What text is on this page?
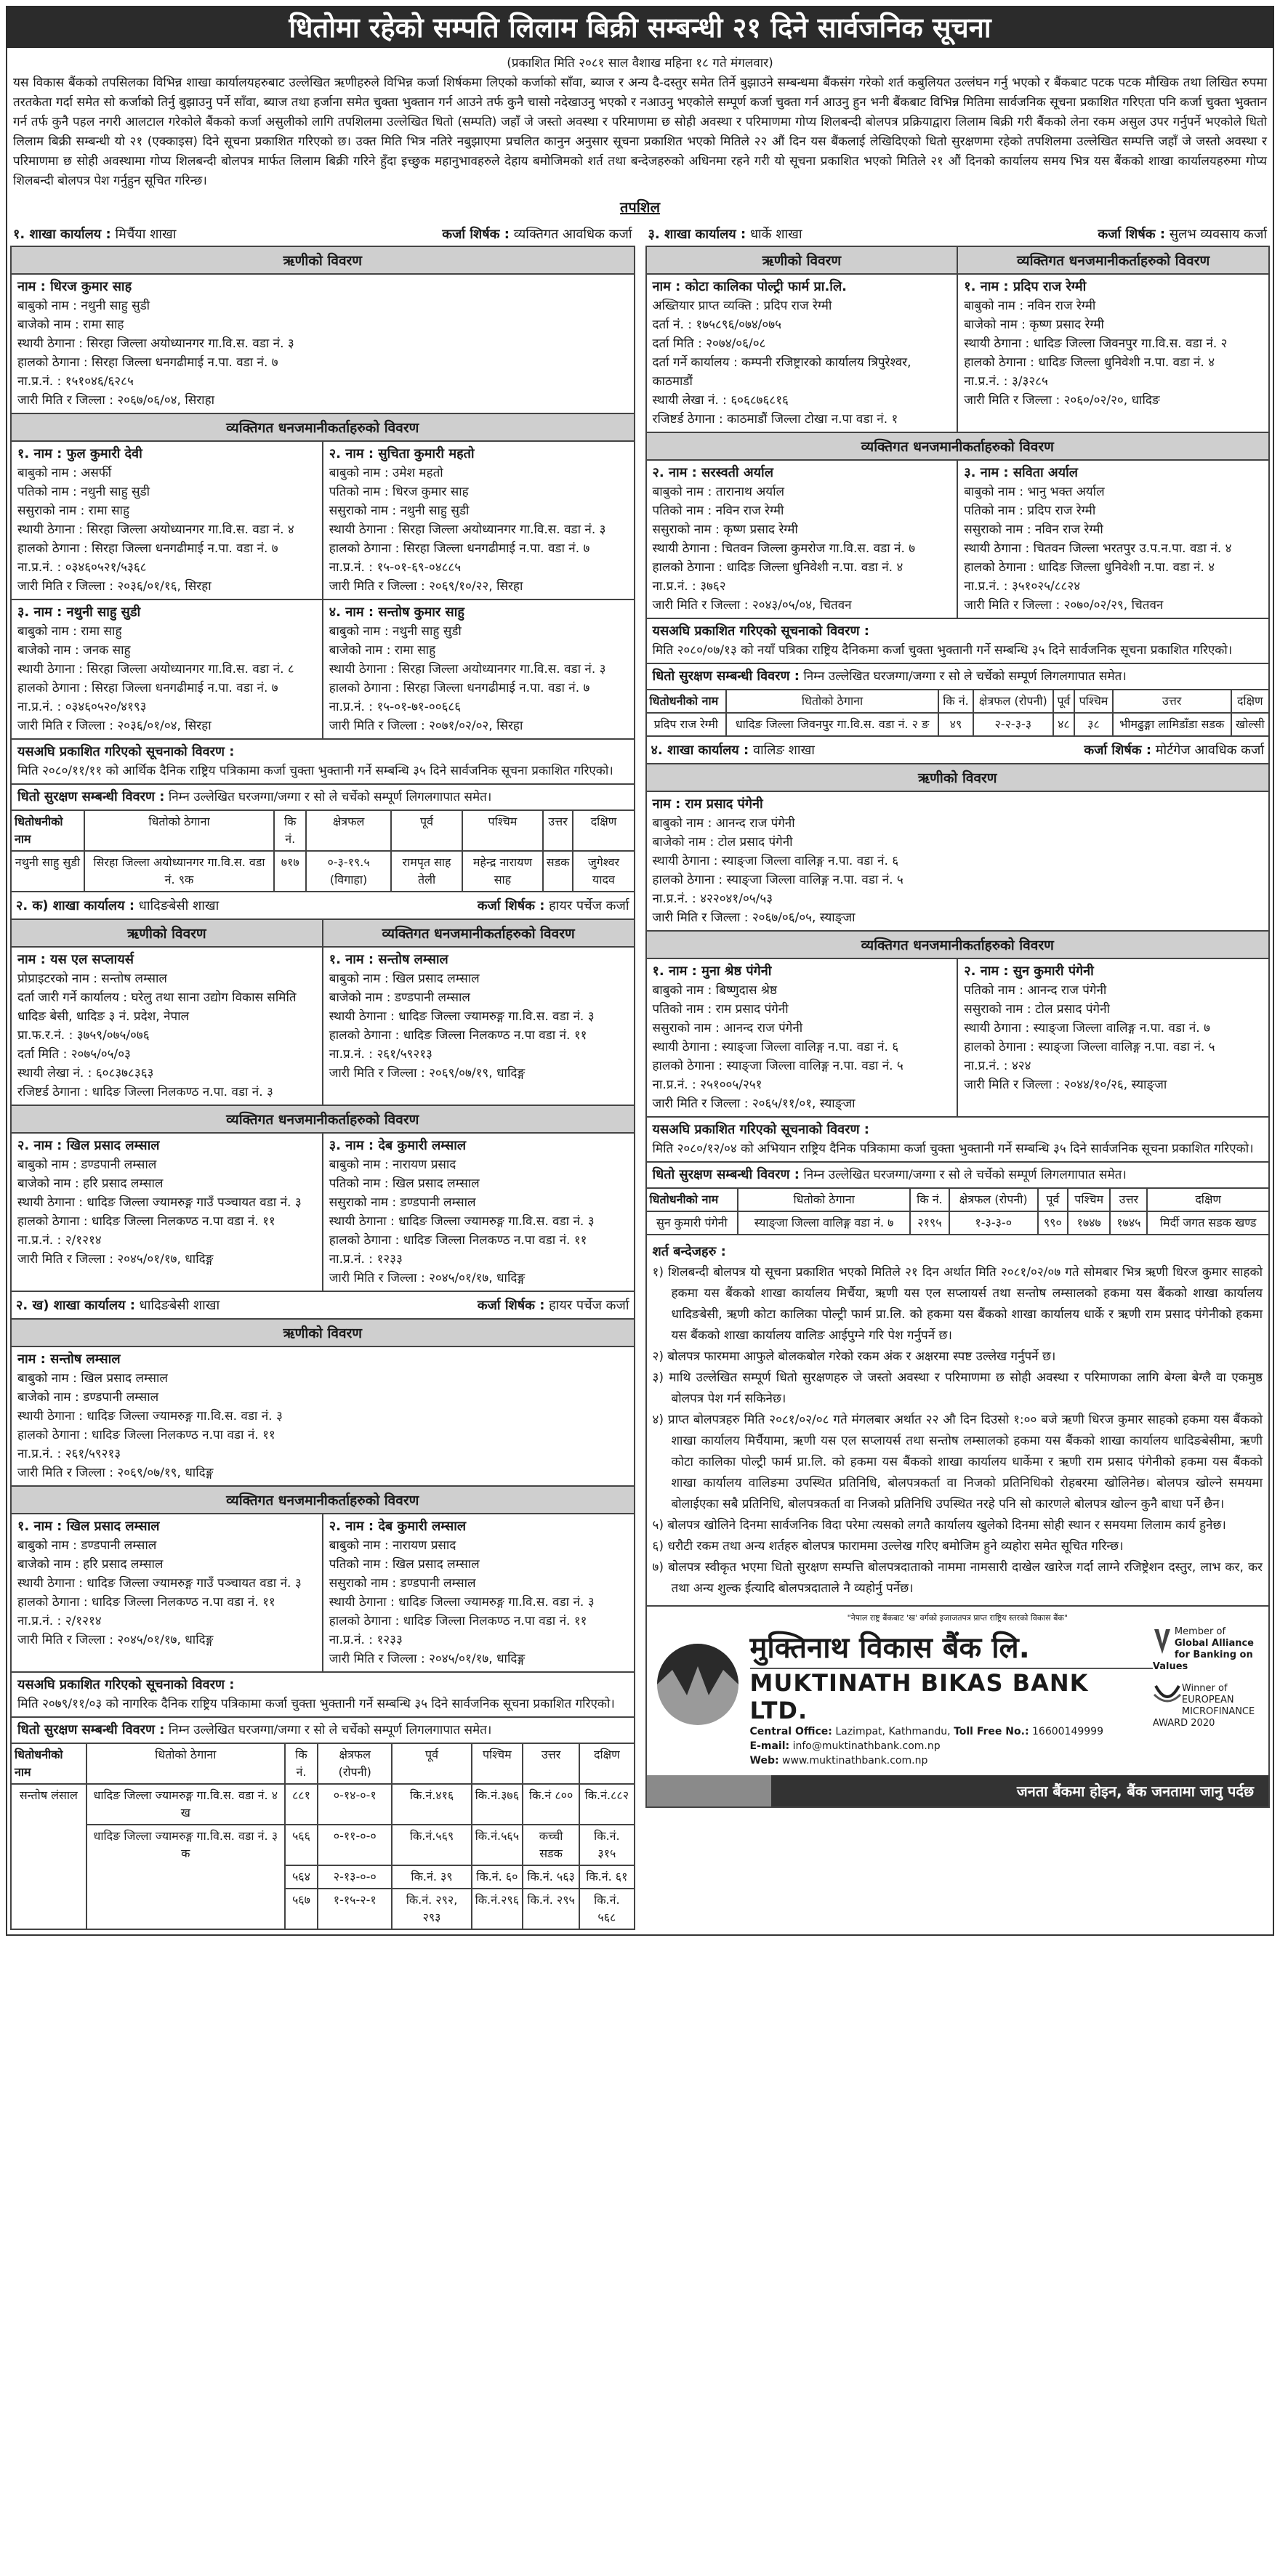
धितोमा रहेको सम्पति लिलाम बिक्री सम्बन्धी २१ दिने सार्वजनिक सूचना
(प्रकाशित मिति २०८१ साल वैशाख महिना १८ गते मंगलवार)

यस विकास बैंकको तपसिलका विभिन्न शाखा कार्यालयहरुबाट उल्लेखित ऋणीहरुले विभिन्न कर्जा शिर्षकमा लिएको कर्जाको साँवा, ब्याज र अन्य दै-दस्तुर समेत तिर्ने बुझाउने सम्बन्धमा बैंकसंग गरेको शर्त कबुलियत उल्लंघन गर्नु भएको र बैंकबाट पटक पटक मौखिक तथा लिखित रुपमा तरतकेता गर्दा समेत सो कर्जाको तिर्नु बुझाउनु पर्ने साँवा, ब्याज तथा हर्जाना समेत चुक्ता भुक्तान गर्न आउने तर्फ कुनै चासो नदेखाउनु भएको र नआउनु भएकोले सम्पूर्ण कर्जा चुक्ता गर्न आउनु हुन भनी बैंकबाट विभिन्न मितिमा सार्वजनिक सूचना प्रकाशित गरिएता पनि कर्जा चुक्ता भुक्तान गर्न तर्फ कुनै पहल नगरी आलटाल गरेकोले बैंकको कर्जा असुलीको लागि तपशिलमा उल्लेखित धितो (सम्पति) जहाँ जे जस्तो अवस्था र परिमाणमा छ सोही अवस्था र परिमाणमा गोप्य शिलबन्दी बोलपत्र प्रक्रियाद्वारा लिलाम बिक्री गरी बैंकको लेना रकम असुल उपर गर्नुपर्ने भएकोले धितो लिलाम बिक्री सम्बन्धी यो २१ (एक्काइस) दिने सूचना प्रकाशित गरिएको छ। उक्त मिति भित्र नतिरे नबुझाएमा प्रचलित कानुन अनुसार सूचना प्रकाशित भएको मितिले २२ औं दिन यस बैंकलाई लेखिदिएको धितो सुरक्षणमा रहेको तपशिलमा उल्लेखित सम्पत्ति जहाँ जे जस्तो अवस्था र परिमाणमा छ सोही अवस्थामा गोप्य शिलबन्दी बोलपत्र मार्फत लिलाम बिक्री गरिने हुँदा इच्छुक महानुभावहरुले देहाय बमोजिमको शर्त तथा बन्देजहरुको अधिनमा रहने गरी यो सूचना प्रकाशित भएको मितिले २१ औं दिनको कार्यालय समय भित्र यस बैंकको शाखा कार्यालयहरुमा गोप्य शिलबन्दी बोलपत्र पेश गर्नुहुन सूचित गरिन्छ।

तपशिल
१. शाखा कार्यालय : मिर्चैया शाखा	कर्जा शिर्षक : व्यक्तिगत आवधिक कर्जा
ऋणीको विवरण
नाम : धिरज कुमार साह
बाबुको नाम : नथुनी साहु सुडी
बाजेको नाम : रामा साह
स्थायी ठेगाना : सिरहा जिल्ला अयोध्यानगर गा.वि.स. वडा नं. ३
हालको ठेगाना : सिरहा जिल्ला धनगढीमाई न.पा. वडा नं. ७
ना.प्र.नं. : १५१०४६/६२८५
जारी मिति र जिल्ला : २०६७/०६/०४, सिराहा
व्यक्तिगत धनजमानीकर्ताहरुको विवरण
१. नाम : फुल कुमारी देवी
बाबुको नाम : असर्फी
पतिको नाम : नथुनी साहु सुडी
ससुराको नाम : रामा साहु
स्थायी ठेगाना : सिरहा जिल्ला अयोध्यानगर गा.वि.स. वडा नं. ४
हालको ठेगाना : सिरहा जिल्ला धनगढीमाई न.पा. वडा नं. ७
ना.प्र.नं. : ०३४६०५२१/५३६८
जारी मिति र जिल्ला : २०३६/०१/१६, सिरहा
२. नाम : सुचिता कुमारी महतो
बाबुको नाम : उमेश महतो
पतिको नाम : धिरज कुमार साह
ससुराको नाम : नथुनी साहु सुडी
स्थायी ठेगाना : सिरहा जिल्ला अयोध्यानगर गा.वि.स. वडा नं. ३
हालको ठेगाना : सिरहा जिल्ला धनगढीमाई न.पा. वडा नं. ७
ना.प्र.नं. : १५-०१-६९-०४८८५
जारी मिति र जिल्ला : २०६९/१०/२२, सिरहा
३. नाम : नथुनी साहु सुडी
बाबुको नाम : रामा साहु
बाजेको नाम : जनक साहु
स्थायी ठेगाना : सिरहा जिल्ला अयोध्यानगर गा.वि.स. वडा नं. ८
हालको ठेगाना : सिरहा जिल्ला धनगढीमाई न.पा. वडा नं. ७
ना.प्र.नं. : ०३४६०५२०/४१९३
जारी मिति र जिल्ला : २०३६/०१/०४, सिरहा
४. नाम : सन्तोष कुमार साहु
बाबुको नाम : नथुनी साहु सुडी
बाजेको नाम : रामा साहु
स्थायी ठेगाना : सिरहा जिल्ला अयोध्यानगर गा.वि.स. वडा नं. ३
हालको ठेगाना : सिरहा जिल्ला धनगढीमाई न.पा. वडा नं. ७
ना.प्र.नं. : १५-०१-७१-००६८६
जारी मिति र जिल्ला : २०७१/०२/०२, सिरहा
यसअघि प्रकाशित गरिएको सूचनाको विवरण :
मिति २०८०/११/११ को आर्थिक दैनिक राष्ट्रिय पत्रिकामा कर्जा चुक्ता भुक्तानी गर्ने सम्बन्धि ३५ दिने सार्वजनिक सूचना प्रकाशित गरिएको।
धितो सुरक्षण सम्बन्धी विवरण : निम्न उल्लेखित घरजग्गा/जग्गा र सो ले चर्चेको सम्पूर्ण लिगलगापात समेत।
धितोधनीको नाम	धितोको ठेगाना	कि नं.	क्षेत्रफल	पूर्व	पश्चिम	उत्तर	दक्षिण
नथुनी साहु सुडी	सिरहा जिल्ला अयोध्यानगर गा.वि.स. वडा नं. ९क	७१७	०-३-१९.५ (विगाहा)	रामपृत साह तेली	महेन्द्र नारायण साह	सडक	जुगेश्वर यादव
२. क) शाखा कार्यालय : धादिङबेसी शाखा	कर्जा शिर्षक : हायर पर्चेज कर्जा
ऋणीको विवरण	व्यक्तिगत धनजमानीकर्ताहरुको विवरण
नाम : यस एल सप्लायर्स
प्रोप्राइटरको नाम : सन्तोष लम्साल
दर्ता जारी गर्ने कार्यालय : घरेलु तथा साना उद्योग विकास समिति धादिङ बेसी, धादिङ ३ नं. प्रदेश, नेपाल
प्रा.फ.र.नं. : ३७५९/०७५/०७६
दर्ता मिति : २०७५/०५/०३
स्थायी लेखा नं. : ६०८३७८३६३
रजिष्टर्ड ठेगाना : धादिङ जिल्ला निलकण्ठ न.पा. वडा नं. ३
१. नाम : सन्तोष लम्साल
बाबुको नाम : खिल प्रसाद लम्साल
बाजेको नाम : डण्डपानी लम्साल
स्थायी ठेगाना : धादिङ जिल्ला ज्यामरुङ्ग गा.वि.स. वडा नं. ३
हालको ठेगाना : धादिङ जिल्ला निलकण्ठ न.पा वडा नं. ११
ना.प्र.नं. : २६१/५९२१३
जारी मिति र जिल्ला : २०६९/०७/१९, धादिङ्ग
व्यक्तिगत धनजमानीकर्ताहरुको विवरण
२. नाम : खिल प्रसाद लम्साल
बाबुको नाम : डण्डपानी लम्साल
बाजेको नाम : हरि प्रसाद लम्साल
स्थायी ठेगाना : धादिङ जिल्ला ज्यामरुङ्ग गाउँ पञ्चायत वडा नं. ३
हालको ठेगाना : धादिङ जिल्ला निलकण्ठ न.पा वडा नं. ११
ना.प्र.नं. : २/१२१४
जारी मिति र जिल्ला : २०४५/०१/१७, धादिङ्ग
३. नाम : देब कुमारी लम्साल
बाबुको नाम : नारायण प्रसाद
पतिको नाम : खिल प्रसाद लम्साल
ससुराको नाम : डण्डपानी लम्साल
स्थायी ठेगाना : धादिङ जिल्ला ज्यामरुङ्ग गा.वि.स. वडा नं. ३
हालको ठेगाना : धादिङ जिल्ला निलकण्ठ न.पा वडा नं. ११
ना.प्र.नं. : १२३३
जारी मिति र जिल्ला : २०४५/०१/१७, धादिङ्ग
२. ख) शाखा कार्यालय : धादिङबेसी शाखा	कर्जा शिर्षक : हायर पर्चेज कर्जा
ऋणीको विवरण
नाम : सन्तोष लम्साल
बाबुको नाम : खिल प्रसाद लम्साल
बाजेको नाम : डण्डपानी लम्साल
स्थायी ठेगाना : धादिङ जिल्ला ज्यामरुङ्ग गा.वि.स. वडा नं. ३
हालको ठेगाना : धादिङ जिल्ला निलकण्ठ न.पा वडा नं. ११
ना.प्र.नं. : २६१/५९२१३
जारी मिति र जिल्ला : २०६९/०७/१९, धादिङ्ग
व्यक्तिगत धनजमानीकर्ताहरुको विवरण
१. नाम : खिल प्रसाद लम्साल
बाबुको नाम : डण्डपानी लम्साल
बाजेको नाम : हरि प्रसाद लम्साल
स्थायी ठेगाना : धादिङ जिल्ला ज्यामरुङ्ग गाउँ पञ्चायत वडा नं. ३
हालको ठेगाना : धादिङ जिल्ला निलकण्ठ न.पा वडा नं. ११
ना.प्र.नं. : २/१२१४
जारी मिति र जिल्ला : २०४५/०१/१७, धादिङ्ग
२. नाम : देब कुमारी लम्साल
बाबुको नाम : नारायण प्रसाद
पतिको नाम : खिल प्रसाद लम्साल
ससुराको नाम : डण्डपानी लम्साल
स्थायी ठेगाना : धादिङ जिल्ला ज्यामरुङ्ग गा.वि.स. वडा नं. ३
हालको ठेगाना : धादिङ जिल्ला निलकण्ठ न.पा वडा नं. ११
ना.प्र.नं. : १२३३
जारी मिति र जिल्ला : २०४५/०१/१७, धादिङ्ग
यसअघि प्रकाशित गरिएको सूचनाको विवरण :
मिति २०७९/११/०३ को नागरिक दैनिक राष्ट्रिय पत्रिकामा कर्जा चुक्ता भुक्तानी गर्ने सम्बन्धि ३५ दिने सार्वजनिक सूचना प्रकाशित गरिएको।
धितो सुरक्षण सम्बन्धी विवरण : निम्न उल्लेखित घरजग्गा/जग्गा र सो ले चर्चेको सम्पूर्ण लिगलगापात समेत।
धितोधनीको नाम	धितोको ठेगाना	कि नं.	क्षेत्रफल (रोपनी)	पूर्व	पश्चिम	उत्तर	दक्षिण
सन्तोष लंसाल	धादिङ जिल्ला ज्यामरुङ्ग गा.वि.स. वडा नं. ४ ख	८८१	०-१४-०-१	कि.नं.४१६	कि.नं.३७६	कि.नं ८००	कि.नं.८८२
	धादिङ जिल्ला ज्यामरुङ्ग गा.वि.स. वडा नं. ३ क	५६६	०-११-०-०	कि.नं.५६९	कि.नं.५६५	कच्ची सडक	कि.नं. ३१५
		५६४	२-१३-०-०	कि.नं. ३९	कि.नं. ६०	कि.नं. ५६३	कि.नं. ६१
		५६७	१-१५-२-१	कि.नं. २९२, २९३	कि.नं.२९६	कि.नं. २९५	कि.नं. ५६८
३. शाखा कार्यालय : धार्के शाखा	कर्जा शिर्षक : सुलभ व्यवसाय कर्जा
ऋणीको विवरण	व्यक्तिगत धनजमानीकर्ताहरुको विवरण
नाम : कोटा कालिका पोल्ट्री फार्म प्रा.लि.
अख्तियार प्राप्त व्यक्ति : प्रदिप राज रेग्मी
दर्ता नं. : १७५८९६/०७४/०७५
दर्ता मिति : २०७४/०६/०८
दर्ता गर्ने कार्यालय : कम्पनी रजिष्ट्रारको कार्यालय त्रिपुरेश्वर, काठमाडौं
स्थायी लेखा नं. : ६०६८७६८१६
रजिष्टर्ड ठेगाना : काठमाडौं जिल्ला टोखा न.पा वडा नं. १
१. नाम : प्रदिप राज रेग्मी
बाबुको नाम : नविन राज रेग्मी
बाजेको नाम : कृष्ण प्रसाद रेग्मी
स्थायी ठेगाना : धादिङ जिल्ला जिवनपुर गा.वि.स. वडा नं. २
हालको ठेगाना : धादिङ जिल्ला धुनिवेशी न.पा. वडा नं. ४
ना.प्र.नं. : ३/३२८५
जारी मिति र जिल्ला : २०६०/०२/२०, धादिङ
व्यक्तिगत धनजमानीकर्ताहरुको विवरण
२. नाम : सरस्वती अर्याल
बाबुको नाम : तारानाथ अर्याल
पतिको नाम : नविन राज रेग्मी
ससुराको नाम : कृष्ण प्रसाद रेग्मी
स्थायी ठेगाना : चितवन जिल्ला कुमरोज गा.वि.स. वडा नं. ७
हालको ठेगाना : धादिङ जिल्ला धुनिवेशी न.पा. वडा नं. ४
ना.प्र.नं. : ३७६२
जारी मिति र जिल्ला : २०४३/०५/०४, चितवन
३. नाम : सविता अर्याल
बाबुको नाम : भानु भक्त अर्याल
पतिको नाम : प्रदिप राज रेग्मी
ससुराको नाम : नविन राज रेग्मी
स्थायी ठेगाना : चितवन जिल्ला भरतपुर उ.प.न.पा. वडा नं. ४
हालको ठेगाना : धादिङ जिल्ला धुनिवेशी न.पा. वडा नं. ४
ना.प्र.नं. : ३५१०२५/८८२४
जारी मिति र जिल्ला : २०७०/०२/२९, चितवन
यसअघि प्रकाशित गरिएको सूचनाको विवरण :
मिति २०८०/०७/१३ को नयाँ पत्रिका राष्ट्रिय दैनिकमा कर्जा चुक्ता भुक्तानी गर्ने सम्बन्धि ३५ दिने सार्वजनिक सूचना प्रकाशित गरिएको।
धितो सुरक्षण सम्बन्धी विवरण : निम्न उल्लेखित घरजग्गा/जग्गा र सो ले चर्चेको सम्पूर्ण लिगलगापात समेत।
धितोधनीको नाम	धितोको ठेगाना	कि नं.	क्षेत्रफल (रोपनी)	पूर्व	पश्चिम	उत्तर	दक्षिण
प्रदिप राज रेग्मी	धादिङ जिल्ला जिवनपुर गा.वि.स. वडा नं. २ ङ	४९	२-२-३-३	४८	३८	भीमढुङ्गा लामिडाँडा सडक	खोल्सी
४. शाखा कार्यालय : वालिङ शाखा	कर्जा शिर्षक : मोर्टगेज आवधिक कर्जा
ऋणीको विवरण
नाम : राम प्रसाद पंगेनी
बाबुको नाम : आनन्द राज पंगेनी
बाजेको नाम : टोल प्रसाद पंगेनी
स्थायी ठेगाना : स्याङ्जा जिल्ला वालिङ्ग न.पा. वडा नं. ६
हालको ठेगाना : स्याङ्जा जिल्ला वालिङ्ग न.पा. वडा नं. ५
ना.प्र.नं. : ४२२०४१/०५/५३
जारी मिति र जिल्ला : २०६७/०६/०५, स्याङ्जा
व्यक्तिगत धनजमानीकर्ताहरुको विवरण
१. नाम : मुना श्रेष्ठ पंगेनी
बाबुको नाम : बिष्णुदास श्रेष्ठ
पतिको नाम : राम प्रसाद पंगेनी
ससुराको नाम : आनन्द राज पंगेनी
स्थायी ठेगाना : स्याङ्जा जिल्ला वालिङ्ग न.पा. वडा नं. ६
हालको ठेगाना : स्याङ्जा जिल्ला वालिङ्ग न.पा. वडा नं. ५
ना.प्र.नं. : २५१००५/२५१
जारी मिति र जिल्ला : २०६५/११/०१, स्याङ्जा
२. नाम : सुन कुमारी पंगेनी
पतिको नाम : आनन्द राज पंगेनी
ससुराको नाम : टोल प्रसाद पंगेनी
स्थायी ठेगाना : स्याङ्जा जिल्ला वालिङ्ग न.पा. वडा नं. ७
हालको ठेगाना : स्याङ्जा जिल्ला वालिङ्ग न.पा. वडा नं. ५
ना.प्र.नं. : ४२४
जारी मिति र जिल्ला : २०४४/१०/२६, स्याङ्जा
यसअघि प्रकाशित गरिएको सूचनाको विवरण :
मिति २०८०/१२/०४ को अभियान राष्ट्रिय दैनिक पत्रिकामा कर्जा चुक्ता भुक्तानी गर्ने सम्बन्धि ३५ दिने सार्वजनिक सूचना प्रकाशित गरिएको।
धितो सुरक्षण सम्बन्धी विवरण : निम्न उल्लेखित घरजग्गा/जग्गा र सो ले चर्चेको सम्पूर्ण लिगलगापात समेत।
धितोधनीको नाम	धितोको ठेगाना	कि नं.	क्षेत्रफल (रोपनी)	पूर्व	पश्चिम	उत्तर	दक्षिण
सुन कुमारी पंगेनी	स्याङ्जा जिल्ला वालिङ्ग वडा नं. ७	२१९५	१-३-३-०	९९०	१७४७	१७४५	मिर्दी जगत सडक खण्ड
शर्त बन्देजहरु :
१) शिलबन्दी बोलपत्र यो सूचना प्रकाशित भएको मितिले २१ दिन अर्थात मिति २०८१/०२/०७ गते सोमबार भित्र ऋणी धिरज कुमार साहको हकमा यस बैंकको शाखा कार्यालय मिर्चैया, ऋणी यस एल सप्लायर्स तथा सन्तोष लम्सालको हकमा यस बैंकको शाखा कार्यालय धादिङबेसी, ऋणी कोटा कालिका पोल्ट्री फार्म प्रा.लि. को हकमा यस बैंकको शाखा कार्यालय धार्के र ऋणी राम प्रसाद पंगेनीको हकमा यस बैंकको शाखा कार्यालय वालिङ आईपुग्ने गरि पेश गर्नुपर्ने छ।
२) बोलपत्र फारममा आफुले बोलकबोल गरेको रकम अंक र अक्षरमा स्पष्ट उल्लेख गर्नुपर्ने छ।
३) माथि उल्लेखित सम्पूर्ण धितो सुरक्षणहरु जे जस्तो अवस्था र परिमाणमा छ सोही अवस्था र परिमाणका लागि बेग्ला बेग्लै वा एकमुष्ठ बोलपत्र पेश गर्न सकिनेछ।
४) प्राप्त बोलपत्रहरु मिति २०८१/०२/०८ गते मंगलबार अर्थात २२ औ दिन दिउसो १:०० बजे ऋणी धिरज कुमार साहको हकमा यस बैंकको शाखा कार्यालय मिर्चैयामा, ऋणी यस एल सप्लायर्स तथा सन्तोष लम्सालको हकमा यस बैंकको शाखा कार्यालय धादिङबेसीमा, ऋणी कोटा कालिका पोल्ट्री फार्म प्रा.लि. को हकमा यस बैंकको शाखा कार्यालय धार्केमा र ऋणी राम प्रसाद पंगेनीको हकमा यस बैंकको शाखा कार्यालय वालिङमा उपस्थित प्रतिनिधि, बोलपत्रकर्ता वा निजको प्रतिनिधिको रोहबरमा खोलिनेछ। बोलपत्र खोल्ने समयमा बोलाईएका सबै प्रतिनिधि, बोलपत्रकर्ता वा निजको प्रतिनिधि उपस्थित नरहे पनि सो कारणले बोलपत्र खोल्न कुनै बाधा पर्ने छैन।
५) बोलपत्र खोलिने दिनमा सार्वजनिक विदा परेमा त्यसको लगतै कार्यालय खुलेको दिनमा सोही स्थान र समयमा लिलाम कार्य हुनेछ।
६) धरौटी रकम तथा अन्य शर्तहरु बोलपत्र फाराममा उल्लेख गरिए बमोजिम हुने व्यहोरा समेत सूचित गरिन्छ।
७) बोलपत्र स्वीकृत भएमा धितो सुरक्षण सम्पत्ति बोलपत्रदाताको नाममा नामसारी दाखेल खारेज गर्दा लाग्ने रजिष्ट्रेशन दस्तुर, लाभ कर, कर तथा अन्य शुल्क ईत्यादि बोलपत्रदाताले नै व्यहोर्नु पर्नेछ।
"नेपाल राष्ट्र बैंकबाट 'ख' वर्गको इजाजतपत्र प्राप्त राष्ट्रिय स्तरको विकास बैंक"
मुक्तिनाथ विकास बैंक लि.
MUKTINATH BIKAS BANK LTD.
Central Office: Lazimpat, Kathmandu, Toll Free No.: 16600149999
E-mail: info@muktinathbank.com.np
Web: www.muktinathbank.com.np
Member of
Global Alliance for Banking on Values
Winner of
EUROPEAN MICROFINANCE AWARD 2020
जनता बैंकमा होइन, बैंक जनतामा जानु पर्दछ
